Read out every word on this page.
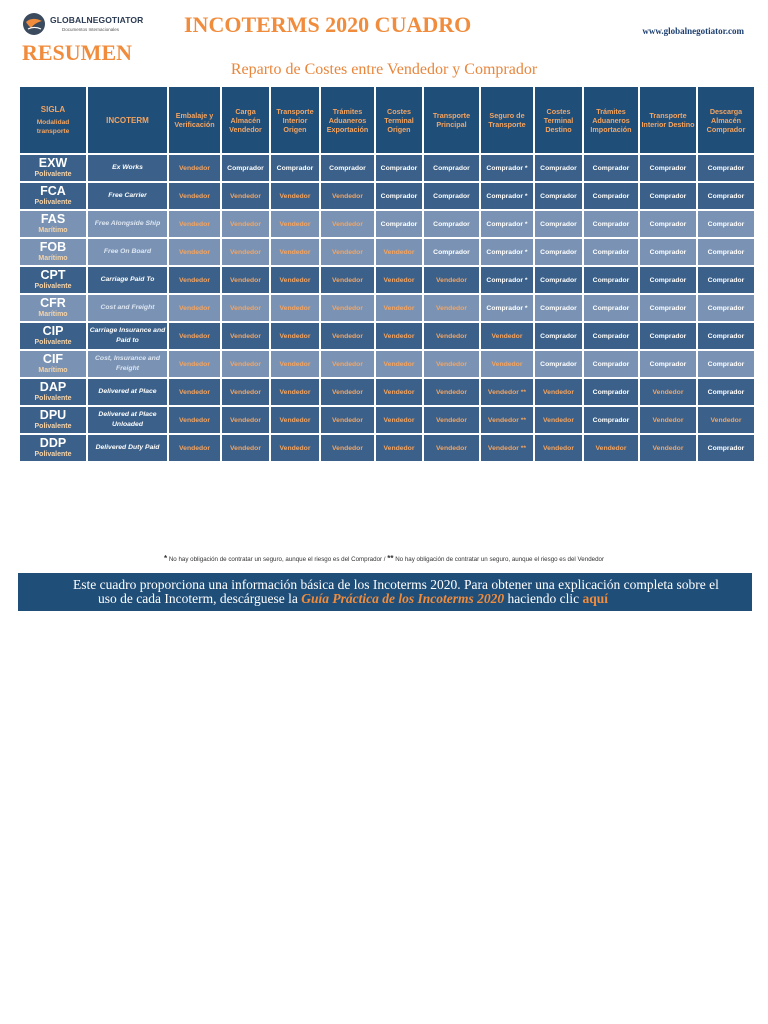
GLOBALNEGOTIATOR
Documentos Internacionales	INCOTERMS 2020 CUADRO	www.globalnegotiator.com
RESUMEN
Reparto de Costes entre Vendedor y Comprador
SIGLA
Modalidad transporte	INCOTERM	Embalaje y Verificación	Carga Almacén Vendedor	Transporte Interior Origen	Trámites Aduaneros Exportación	Costes Terminal Origen	Transporte Principal	Seguro de Transporte	Costes Terminal Destino	Trámites Aduaneros Importación	Transporte Interior Destino	Descarga Almacén Comprador

EXW
Polivalente	Ex Works	Vendedor	Comprador	Comprador	Comprador	Comprador	Comprador	Comprador *	Comprador	Comprador	Comprador	Comprador

FCA
Polivalente	Free Carrier	Vendedor	Vendedor	Vendedor	Vendedor	Comprador	Comprador	Comprador *	Comprador	Comprador	Comprador	Comprador

FAS
Marítimo	Free Alongside Ship	Vendedor	Vendedor	Vendedor	Vendedor	Comprador	Comprador	Comprador *	Comprador	Comprador	Comprador	Comprador

FOB
Marítimo	Free On Board	Vendedor	Vendedor	Vendedor	Vendedor	Vendedor	Comprador	Comprador *	Comprador	Comprador	Comprador	Comprador

CPT
Polivalente	Carriage Paid To	Vendedor	Vendedor	Vendedor	Vendedor	Vendedor	Vendedor	Comprador *	Comprador	Comprador	Comprador	Comprador

CFR
Marítimo	Cost and Freight	Vendedor	Vendedor	Vendedor	Vendedor	Vendedor	Vendedor	Comprador *	Comprador	Comprador	Comprador	Comprador

CIP
Polivalente	Carriage Insurance and Paid to	Vendedor	Vendedor	Vendedor	Vendedor	Vendedor	Vendedor	Vendedor	Comprador	Comprador	Comprador	Comprador

CIF
Marítimo	Cost, Insurance and Freight	Vendedor	Vendedor	Vendedor	Vendedor	Vendedor	Vendedor	Vendedor	Comprador	Comprador	Comprador	Comprador

DAP
Polivalente	Delivered at Place	Vendedor	Vendedor	Vendedor	Vendedor	Vendedor	Vendedor	Vendedor **	Vendedor	Comprador	Vendedor	Comprador

DPU
Polivalente	Delivered at Place Unloaded	Vendedor	Vendedor	Vendedor	Vendedor	Vendedor	Vendedor	Vendedor **	Vendedor	Comprador	Vendedor	Vendedor

DDP
Polivalente	Delivered Duty Paid	Vendedor	Vendedor	Vendedor	Vendedor	Vendedor	Vendedor	Vendedor **	Vendedor	Vendedor	Vendedor	Comprador
* No hay obligación de contratar un seguro, aunque el riesgo es del Comprador / ** No hay obligación de contratar un seguro, aunque el riesgo es del Vendedor
Este cuadro proporciona una información básica de los Incoterms 2020. Para obtener una explicación completa sobre el
uso de cada Incoterm, descárguese la Guía Práctica de los Incoterms 2020 haciendo clic aquí
